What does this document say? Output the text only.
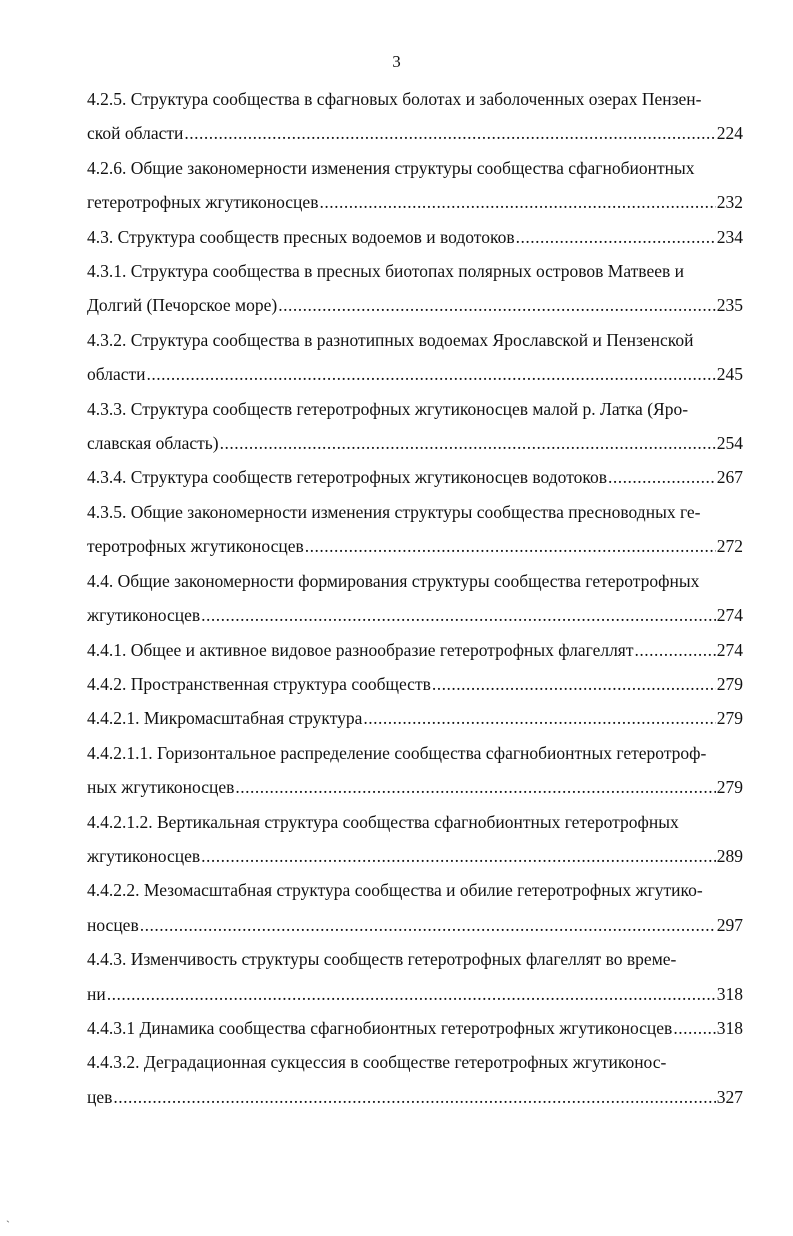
3
4.2.5. Структура сообщества в сфагновых болотах и заболоченных озерах Пензен-
ской области .....	224
4.2.6. Общие закономерности изменения структуры сообщества сфагнобионтных
гетеротрофных жгутиконосцев .....	232
4.3. Структура сообществ пресных водоемов и водотоков .....	234
4.3.1. Структура сообщества в пресных биотопах полярных островов Матвеев и
Долгий (Печорское море) .....	235
4.3.2. Структура сообщества в разнотипных водоемах Ярославской и Пензенской
области .....	245
4.3.3. Структура сообществ гетеротрофных жгутиконосцев малой р. Латка (Яро-
славская область) .....	254
4.3.4. Структура сообществ гетеротрофных жгутиконосцев водотоков .....	267
4.3.5. Общие закономерности изменения структуры сообщества пресноводных ге-
теротрофных жгутиконосцев .....	272
4.4. Общие закономерности формирования структуры сообщества гетеротрофных
жгутиконосцев .....	274
4.4.1. Общее и активное видовое разнообразие гетеротрофных флагеллят .....	274
4.4.2. Пространственная структура сообществ .....	279
4.4.2.1. Микромасштабная структура .....	279
4.4.2.1.1. Горизонтальное распределение сообщества сфагнобионтных гетеротроф-
ных жгутиконосцев .....	279
4.4.2.1.2. Вертикальная структура сообщества сфагнобионтных гетеротрофных
жгутиконосцев .....	289
4.4.2.2. Мезомасштабная структура сообщества и обилие гетеротрофных жгутико-
носцев .....	297
4.4.3. Изменчивость структуры сообществ гетеротрофных флагеллят во време-
ни .....	318
4.4.3.1 Динамика сообщества сфагнобионтных гетеротрофных жгутиконосцев .....	318
4.4.3.2. Деградационная сукцессия в сообществе гетеротрофных жгутиконос-
цев .....	327
`
